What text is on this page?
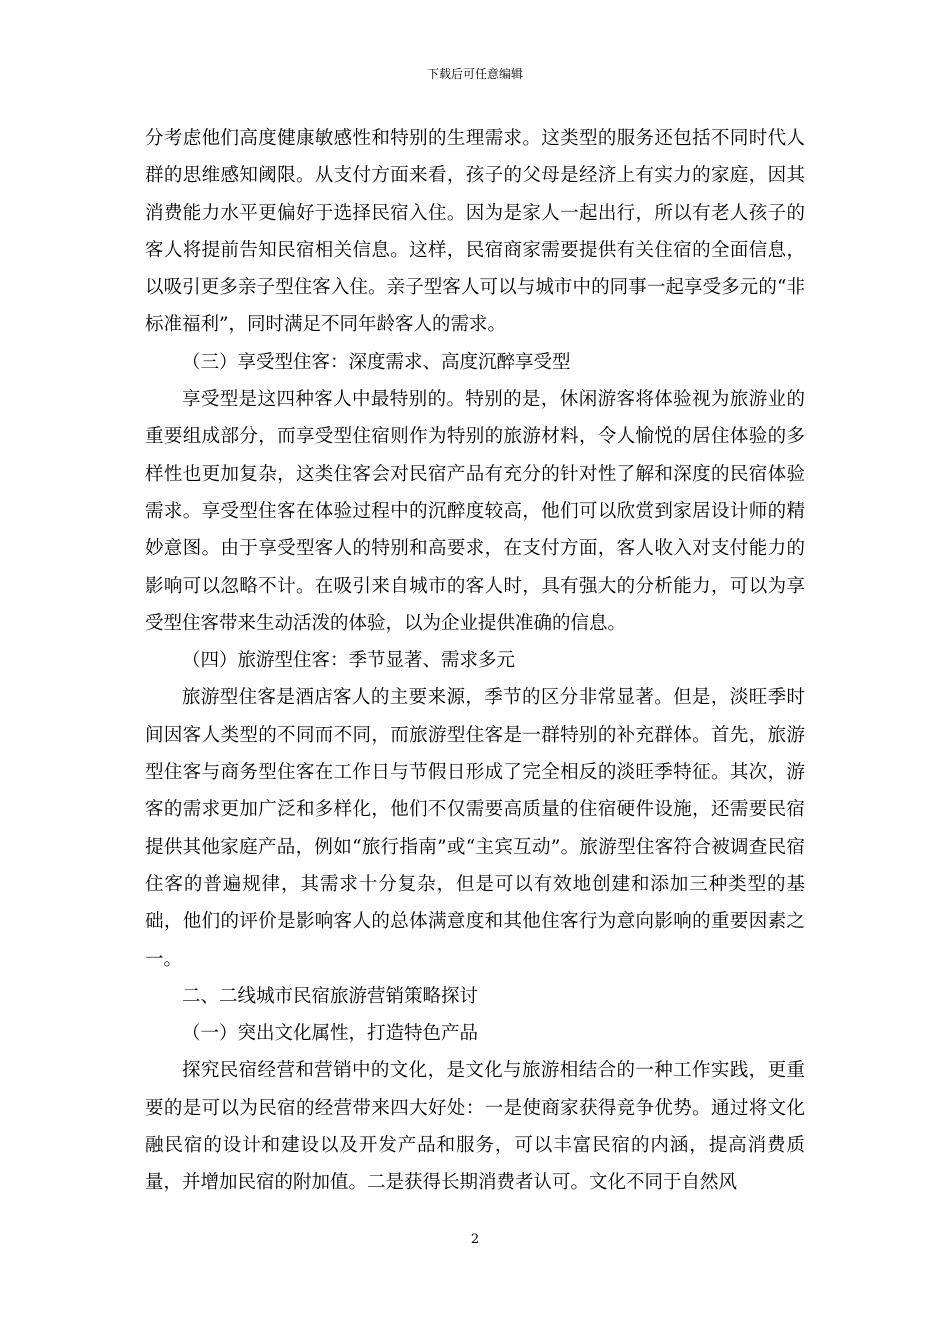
下载后可任意编辑

分考虑他们高度健康敏感性和特别的生理需求。这类型的服务还包括不同时代人群的思维感知阈限。从支付方面来看，孩子的父母是经济上有实力的家庭，因其消费能力水平更偏好于选择民宿入住。因为是家人一起出行，所以有老人孩子的客人将提前告知民宿相关信息。这样，民宿商家需要提供有关住宿的全面信息，以吸引更多亲子型住客入住。亲子型客人可以与城市中的同事一起享受多元的“非标准福利”，同时满足不同年龄客人的需求。

（三）享受型住客：深度需求、高度沉醉享受型

享受型是这四种客人中最特别的。特别的是，休闲游客将体验视为旅游业的重要组成部分，而享受型住宿则作为特别的旅游材料，令人愉悦的居住体验的多样性也更加复杂，这类住客会对民宿产品有充分的针对性了解和深度的民宿体验需求。享受型住客在体验过程中的沉醉度较高，他们可以欣赏到家居设计师的精妙意图。由于享受型客人的特别和高要求，在支付方面，客人收入对支付能力的影响可以忽略不计。在吸引来自城市的客人时，具有强大的分析能力，可以为享受型住客带来生动活泼的体验，以为企业提供准确的信息。

（四）旅游型住客：季节显著、需求多元

旅游型住客是酒店客人的主要来源，季节的区分非常显著。但是，淡旺季时间因客人类型的不同而不同，而旅游型住客是一群特别的补充群体。首先，旅游型住客与商务型住客在工作日与节假日形成了完全相反的淡旺季特征。其次，游客的需求更加广泛和多样化，他们不仅需要高质量的住宿硬件设施，还需要民宿提供其他家庭产品，例如“旅行指南”或“主宾互动”。旅游型住客符合被调查民宿住客的普遍规律，其需求十分复杂，但是可以有效地创建和添加三种类型的基础，他们的评价是影响客人的总体满意度和其他住客行为意向影响的重要因素之一。

二、二线城市民宿旅游营销策略探讨

（一）突出文化属性，打造特色产品

探究民宿经营和营销中的文化，是文化与旅游相结合的一种工作实践，更重要的是可以为民宿的经营带来四大好处：一是使商家获得竞争优势。通过将文化融民宿的设计和建设以及开发产品和服务，可以丰富民宿的内涵，提高消费质量，并增加民宿的附加值。二是获得长期消费者认可。文化不同于自然风

2
